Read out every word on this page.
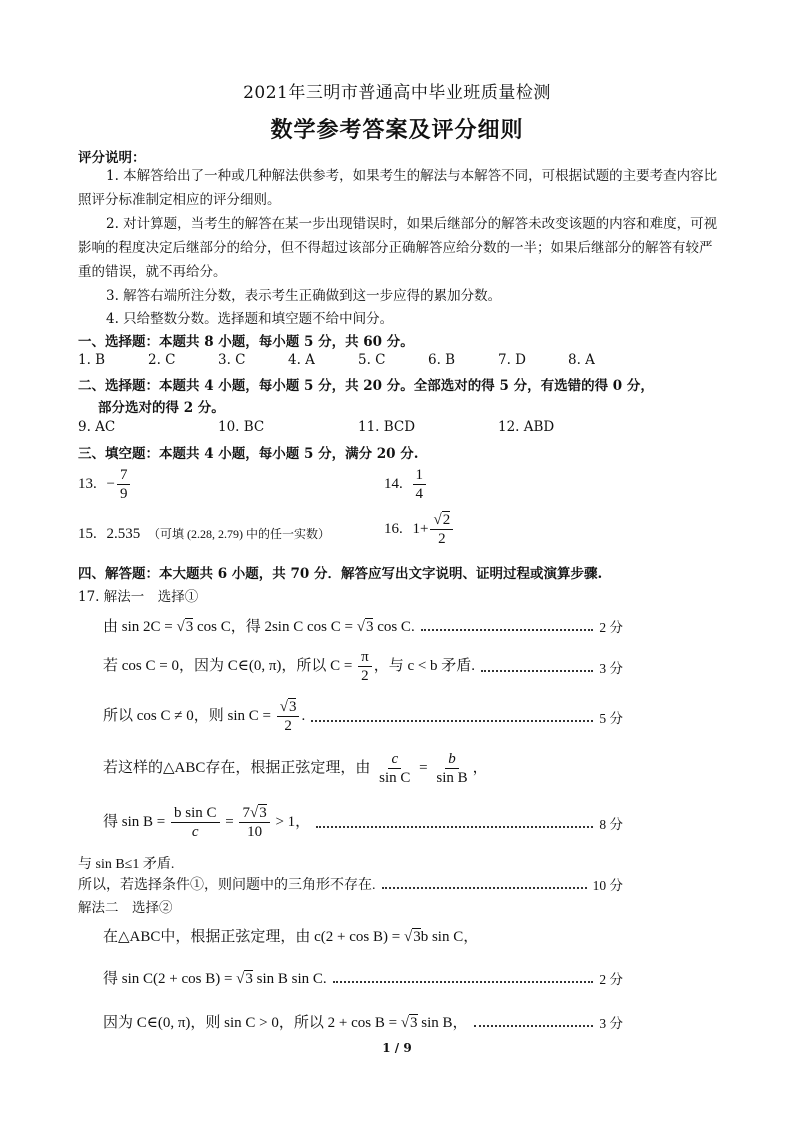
2021年三明市普通高中毕业班质量检测
数学参考答案及评分细则
评分说明：
1. 本解答给出了一种或几种解法供参考，如果考生的解法与本解答不同，可根据试题的主要考查内容比照评分标准制定相应的评分细则。
2. 对计算题，当考生的解答在某一步出现错误时，如果后继部分的解答未改变该题的内容和难度，可视影响的程度决定后继部分的给分，但不得超过该部分正确解答应给分数的一半；如果后继部分的解答有较严重的错误，就不再给分。
3. 解答右端所注分数，表示考生正确做到这一步应得的累加分数。
4. 只给整数分数。选择题和填空题不给中间分。
一、选择题：本题共 8 小题，每小题 5 分，共 60 分。
1. B	2. C	3. C	4. A	5. C	6. B	7. D	8. A
二、选择题：本题共 4 小题，每小题 5 分，共 20 分。全部选对的得 5 分，有选错的得 0 分，
部分选对的得 2 分。
9. AC	10. BC	11. BCD	12. ABD
三、填空题：本题共 4 小题，每小题 5 分，满分 20 分.
13. − $\frac{7}{9}$	14. $\frac{1}{4}$
15. 2.535 （可填 (2.28, 2.79) 中的任一实数）	16. $1+ \frac{√2}{2}$
四、解答题：本大题共 6 小题，共 70 分．解答应写出文字说明、证明过程或演算步骤.
17. 解法一　选择①
由 sin 2C = √3 cos C，得 2sin C cos C = √3 cos C.	2 分
若 cos C = 0，因为 C∈(0, π)，所以 $C = \frac{\pi}{2}$ ，与 c < b 矛盾.	3 分
所以 cos C ≠ 0，则 $\sin C = \frac{√3}{2}$ .	5 分
若这样的△ABC存在，根据正弦定理，由 $\frac{c}{\text{sin C}} = \frac{b}{\text{sin B}}$ ，
得 $\sin B = \frac{\text{b sin C}}{c} = \frac{7√3}{10} > 1$，	8 分
与 sin B≤1 矛盾.
所以，若选择条件①，则问题中的三角形不存在.	10 分
解法二　选择②
在△ABC中，根据正弦定理，由 c(2 + cos B) = √3b sin C，
得 sin C(2 + cos B) = √3 sin B sin C.	2 分
因为 C∈(0, π)，则 sin C > 0，所以 2 + cos B = √3 sin B，	3 分
1 / 9
